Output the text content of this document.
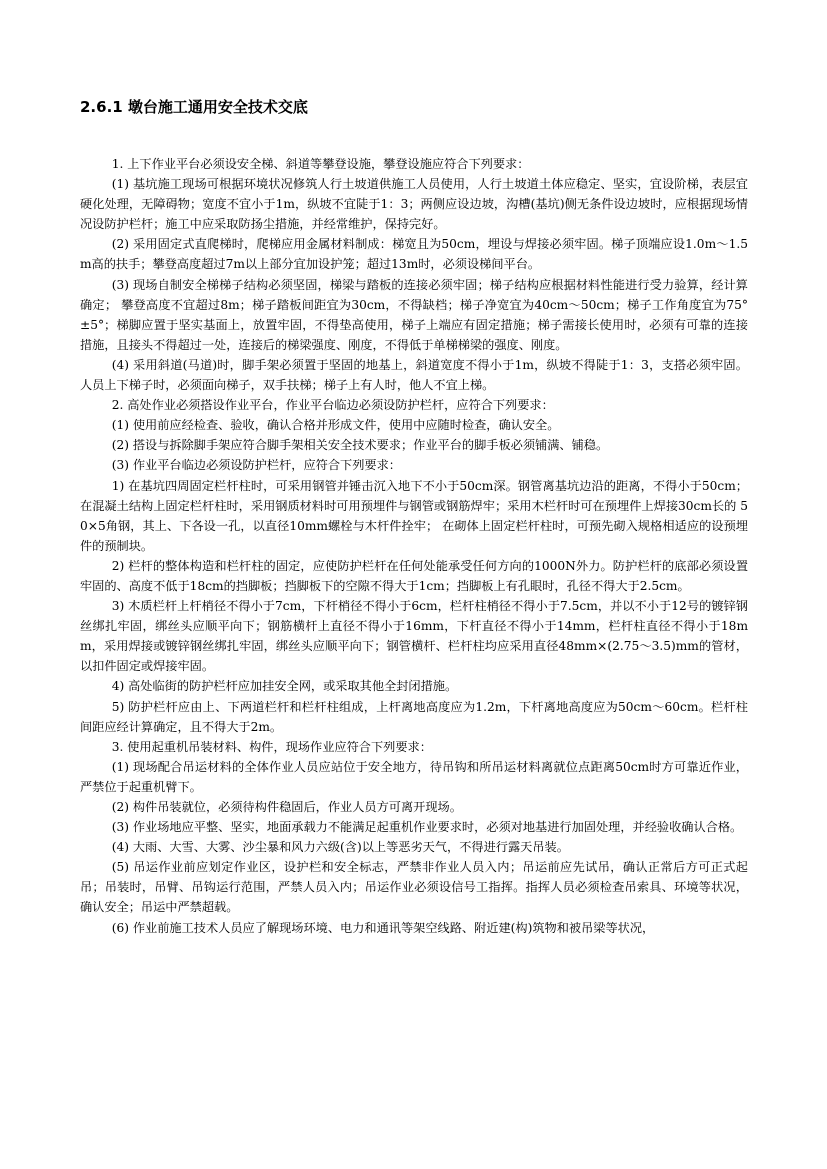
2.6.1 墩台施工通用安全技术交底

1. 上下作业平台必须设安全梯、斜道等攀登设施，攀登设施应符合下列要求：

(1) 基坑施工现场可根据环境状况修筑人行土坡道供施工人员使用，人行土坡道土体应稳定、坚实，宜设阶梯，表层宜硬化处理，无障碍物；宽度不宜小于1m，纵坡不宜陡于1：3；两侧应设边坡，沟槽(基坑)侧无条件设边坡时，应根据现场情况设防护栏杆；施工中应采取防扬尘措施，并经常维护，保持完好。

(2) 采用固定式直爬梯时，爬梯应用金属材料制成：梯宽且为50cm，埋设与焊接必须牢固。梯子顶端应设1.0m～1.5m高的扶手；攀登高度超过7m以上部分宜加设护笼；超过13m时，必须设梯间平台。

(3) 现场自制安全梯梯子结构必须坚固，梯梁与踏板的连接必须牢固；梯子结构应根据材料性能进行受力验算，经计算确定； 攀登高度不宜超过8m；梯子踏板间距宜为30cm，不得缺档；梯子净宽宜为40cm～50cm；梯子工作角度宜为75°±5°；梯脚应置于坚实基面上，放置牢固，不得垫高使用，梯子上端应有固定措施；梯子需接长使用时，必须有可靠的连接措施，且接头不得超过一处，连接后的梯梁强度、刚度，不得低于单梯梯梁的强度、刚度。

(4) 采用斜道(马道)时，脚手架必须置于坚固的地基上，斜道宽度不得小于1m，纵坡不得陡于1：3，支搭必须牢固。人员上下梯子时，必须面向梯子，双手扶梯；梯子上有人时，他人不宜上梯。

2. 高处作业必须搭设作业平台，作业平台临边必须设防护栏杆，应符合下列要求：

(1) 使用前应经检查、验收，确认合格并形成文件，使用中应随时检查，确认安全。

(2) 搭设与拆除脚手架应符合脚手架相关安全技术要求；作业平台的脚手板必须铺满、铺稳。

(3) 作业平台临边必须设防护栏杆，应符合下列要求：

1) 在基坑四周固定栏杆柱时，可采用钢管并锤击沉入地下不小于50cm深。钢管离基坑边沿的距离，不得小于50cm；在混凝土结构上固定栏杆柱时，采用钢质材料时可用预埋件与钢管或钢筋焊牢；采用木栏杆时可在预埋件上焊接30cm长的 50×5角钢，其上、下各设一孔，以直径10mm螺栓与木杆件拴牢； 在砌体上固定栏杆柱时，可预先砌入规格相适应的设预埋件的预制块。

2) 栏杆的整体构造和栏杆柱的固定，应使防护栏杆在任何处能承受任何方向的1000N外力。防护栏杆的底部必须设置牢固的、高度不低于18cm的挡脚板；挡脚板下的空隙不得大于1cm；挡脚板上有孔眼时，孔径不得大于2.5cm。

3) 木质栏杆上杆梢径不得小于7cm，下杆梢径不得小于6cm，栏杆柱梢径不得小于7.5cm，并以不小于12号的镀锌钢丝绑扎牢固，绑丝头应顺平向下；钢筋横杆上直径不得小于16mm，下杆直径不得小于14mm，栏杆柱直径不得小于18mm，采用焊接或镀锌钢丝绑扎牢固，绑丝头应顺平向下；钢管横杆、栏杆柱均应采用直径48mm×(2.75～3.5)mm的管材，以扣件固定或焊接牢固。

4) 高处临街的防护栏杆应加挂安全网，或采取其他全封闭措施。

5) 防护栏杆应由上、下两道栏杆和栏杆柱组成，上杆离地高度应为1.2m，下杆离地高度应为50cm～60cm。栏杆柱间距应经计算确定，且不得大于2m。

3. 使用起重机吊装材料、构件，现场作业应符合下列要求：

(1) 现场配合吊运材料的全体作业人员应站位于安全地方，待吊钩和所吊运材料离就位点距离50cm时方可靠近作业，严禁位于起重机臂下。

(2) 构件吊装就位，必须待构件稳固后，作业人员方可离开现场。

(3) 作业场地应平整、坚实，地面承载力不能满足起重机作业要求时，必须对地基进行加固处理，并经验收确认合格。

(4) 大雨、大雪、大雾、沙尘暴和风力六级(含)以上等恶劣天气，不得进行露天吊装。

(5) 吊运作业前应划定作业区，设护栏和安全标志，严禁非作业人员入内；吊运前应先试吊，确认正常后方可正式起吊；吊装时，吊臂、吊钩运行范围，严禁人员入内；吊运作业必须设信号工指挥。指挥人员必须检查吊索具、环境等状况，确认安全；吊运中严禁超载。

(6) 作业前施工技术人员应了解现场环境、电力和通讯等架空线路、附近建(构)筑物和被吊梁等状况，
